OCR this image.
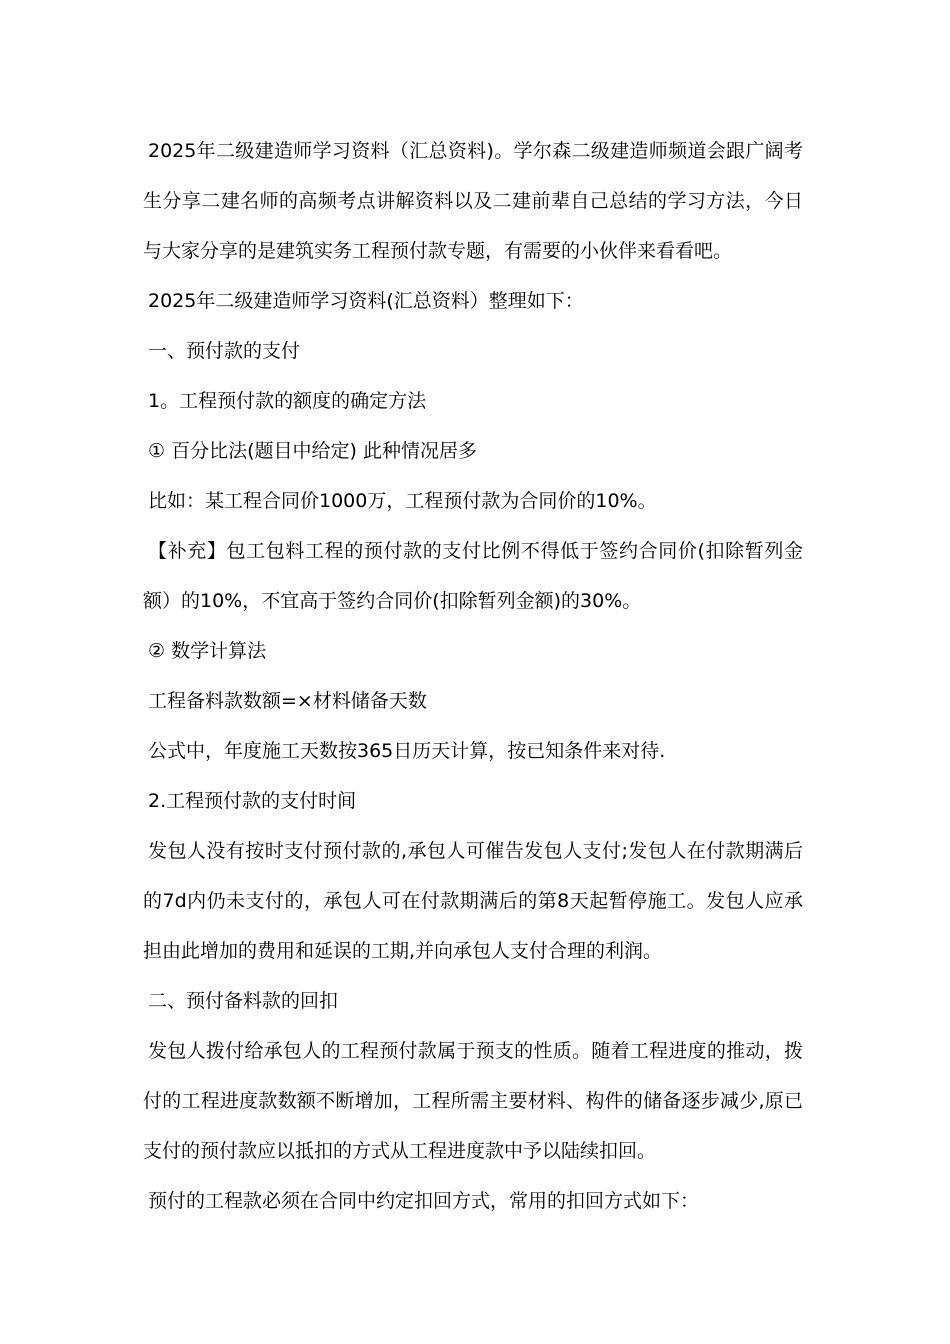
2025年二级建造师学习资料（汇总资料)。学尔森二级建造师频道会跟广阔考生分享二建名师的高频考点讲解资料以及二建前辈自己总结的学习方法，今日与大家分享的是建筑实务工程预付款专题，有需要的小伙伴来看看吧。

2025年二级建造师学习资料(汇总资料）整理如下：

一、预付款的支付

1。工程预付款的额度的确定方法

① 百分比法(题目中给定) 此种情况居多

比如：某工程合同价1000万，工程预付款为合同价的10%。

【补充】包工包料工程的预付款的支付比例不得低于签约合同价(扣除暂列金额）的10%，不宜高于签约合同价(扣除暂列金额)的30%。

② 数学计算法

工程备料款数额=×材料储备天数

公式中，年度施工天数按365日历天计算，按已知条件来对待.

2.工程预付款的支付时间

发包人没有按时支付预付款的,承包人可催告发包人支付;发包人在付款期满后的7d内仍未支付的，承包人可在付款期满后的第8天起暂停施工。发包人应承担由此增加的费用和延误的工期,并向承包人支付合理的利润。

二、预付备料款的回扣

发包人拨付给承包人的工程预付款属于预支的性质。随着工程进度的推动，拨付的工程进度款数额不断增加，工程所需主要材料、构件的储备逐步减少,原已支付的预付款应以抵扣的方式从工程进度款中予以陆续扣回。

预付的工程款必须在合同中约定扣回方式，常用的扣回方式如下：
